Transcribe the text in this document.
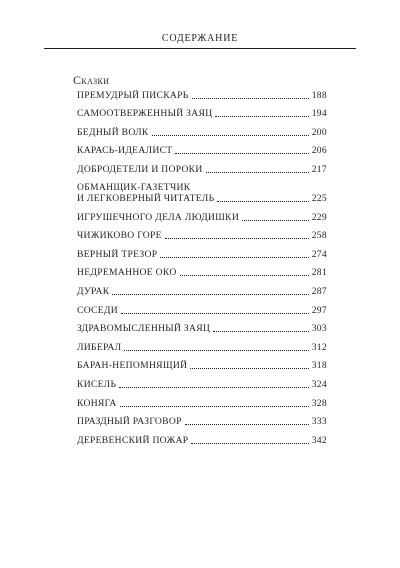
СОДЕРЖАНИЕ
Сказки
ПРЕМУДРЫЙ ПИСКАРЬ	188
САМООТВЕРЖЕННЫЙ ЗАЯЦ	194
БЕДНЫЙ ВОЛК	200
КАРАСЬ-ИДЕАЛИСТ	206
ДОБРОДЕТЕЛИ И ПОРОКИ	217
ОБМАНЩИК-ГАЗЕТЧИК
И ЛЕГКОВЕРНЫЙ ЧИТАТЕЛЬ	225
ИГРУШЕЧНОГО ДЕЛА ЛЮДИШКИ	229
ЧИЖИКОВО ГОРЕ	258
ВЕРНЫЙ ТРЕЗОР	274
НЕДРЕМАННОЕ ОКО	281
ДУРАК	287
СОСЕДИ	297
ЗДРАВОМЫСЛЕННЫЙ ЗАЯЦ	303
ЛИБЕРАЛ	312
БАРАН-НЕПОМНЯЩИЙ	318
КИСЕЛЬ	324
КОНЯГА	328
ПРАЗДНЫЙ РАЗГОВОР	333
ДЕРЕВЕНСКИЙ ПОЖАР	342
